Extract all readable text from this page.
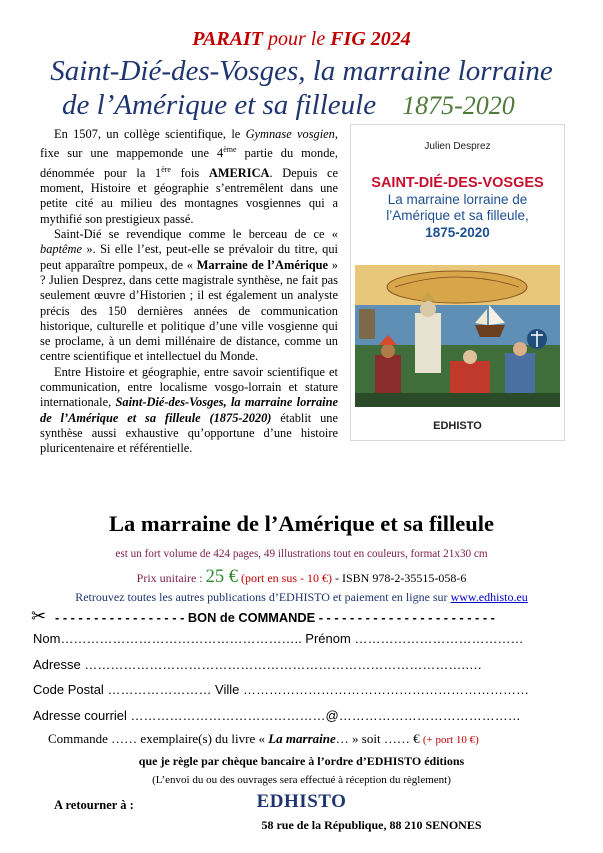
PARAIT pour le FIG 2024
Saint-Dié-des-Vosges, la marraine lorraine
de l’Amérique et sa filleule 1875-2020

En 1507, un collège scientifique, le Gymnase vosgien, fixe sur une mappemonde une 4ème partie du monde, dénommée pour la 1ère fois AMERICA. Depuis ce moment, Histoire et géographie s’entremêlent dans une petite cité au milieu des montagnes vosgiennes qui a mythifié son prestigieux passé.

Saint-Dié se revendique comme le berceau de ce « baptême ». Si elle l’est, peut-elle se prévaloir du titre, qui peut apparaître pompeux, de « Marraine de l’Amérique » ? Julien Desprez, dans cette magistrale synthèse, ne fait pas seulement œuvre d’Historien ; il est également un analyste précis des 150 dernières années de communication historique, culturelle et politique d’une ville vosgienne qui se proclame, à un demi millénaire de distance, comme un centre scientifique et intellectuel du Monde.

Entre Histoire et géographie, entre savoir scientifique et communication, entre localisme vosgo-lorrain et stature internationale, Saint-Dié-des-Vosges, la marraine lorraine de l’Amérique et sa filleule (1875-2020) établit une synthèse aussi exhaustive qu’opportune d’une histoire pluricentenaire et référentielle.

Julien Desprez
SAINT-DIÉ-DES-VOSGES
La marraine lorraine de
l’Amérique et sa filleule,
1875-2020
EDHISTO
La marraine de l’Amérique et sa filleule
est un fort volume de 424 pages, 49 illustrations tout en couleurs, format 21x30 cm
Prix unitaire : 25 € (port en sus - 10 €) - ISBN 978-2-35515-058-6
Retrouvez toutes les autres publications d’EDHISTO et paiement en ligne sur www.edhisto.eu
✂ - - - - - - - - - - - - - - - - - BON de COMMANDE - - - - - - - - - - - - - - - - - - - - - - -
Nom……………………………………………….. Prénom …………………………………
Adresse …………………………………………………………………………….….
Code Postal …………………… Ville …………………………………………………………
Adresse courriel ………………………………………@……………………………………
Commande …… exemplaire(s) du livre « La marraine… » soit …… € (+ port 10 €)
que je règle par chèque bancaire à l’ordre d’EDHISTO éditions
(L’envoi du ou des ouvrages sera effectué à réception du règlement)
A retourner à :	EDHISTO
58 rue de la République, 88 210 SENONES
